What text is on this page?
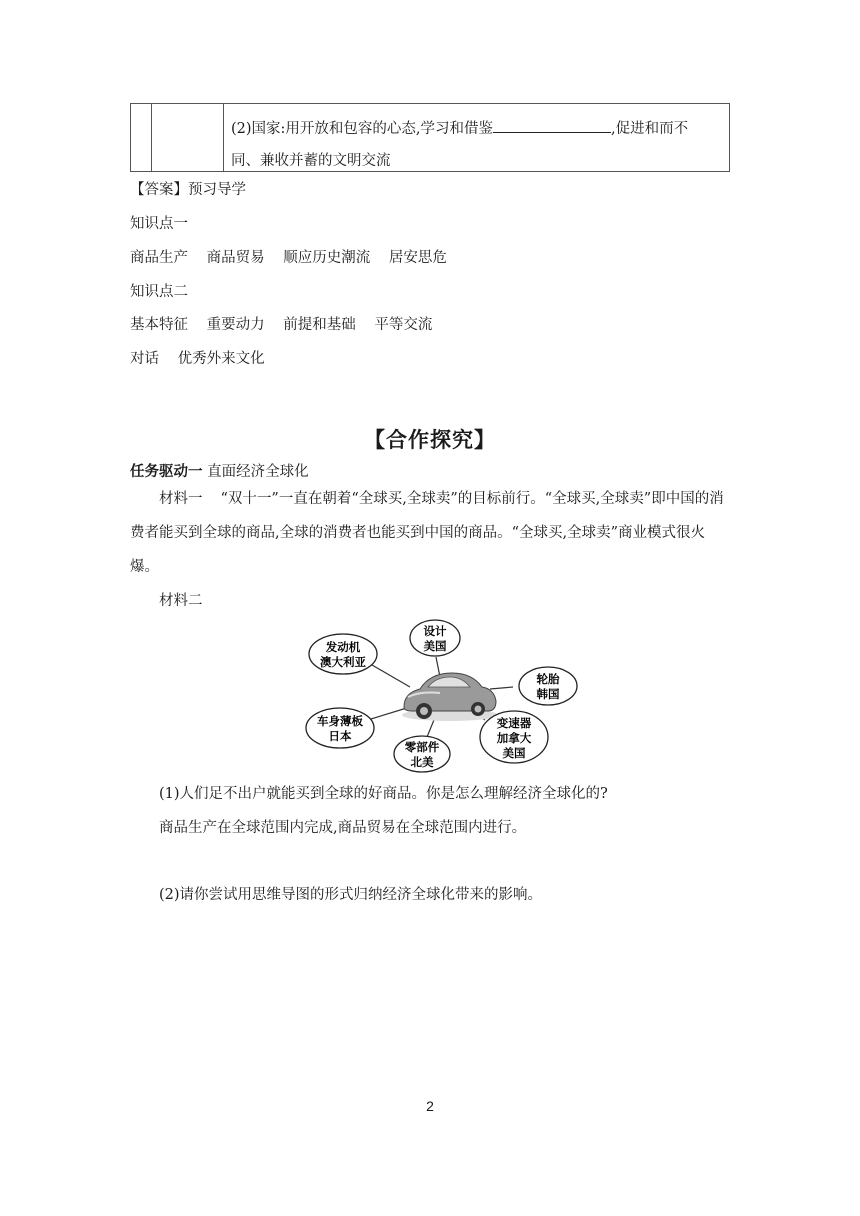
(2)国家:用开放和包容的心态,学习和借鉴	,促进和而不
同、兼收并蓄的文明交流
【答案】预习导学
知识点一
商品生产 商品贸易 顺应历史潮流 居安思危
知识点二
基本特征 重要动力 前提和基础 平等交流
对话 优秀外来文化
【合作探究】
任务驱动一 直面经济全球化
材料一 “双十一”一直在朝着“全球买,全球卖”的目标前行。“全球买,全球卖”即中国的消费者能买到全球的商品,全球的消费者也能买到中国的商品。“全球买,全球卖”商业模式很火爆。
材料二
设计
美国
发动机
澳大利亚
轮胎
韩国
车身薄板
日本
零部件
北美
变速器
加拿大
美国
(1)人们足不出户就能买到全球的好商品。你是怎么理解经济全球化的?
商品生产在全球范围内完成,商品贸易在全球范围内进行。
(2)请你尝试用思维导图的形式归纳经济全球化带来的影响。
2
